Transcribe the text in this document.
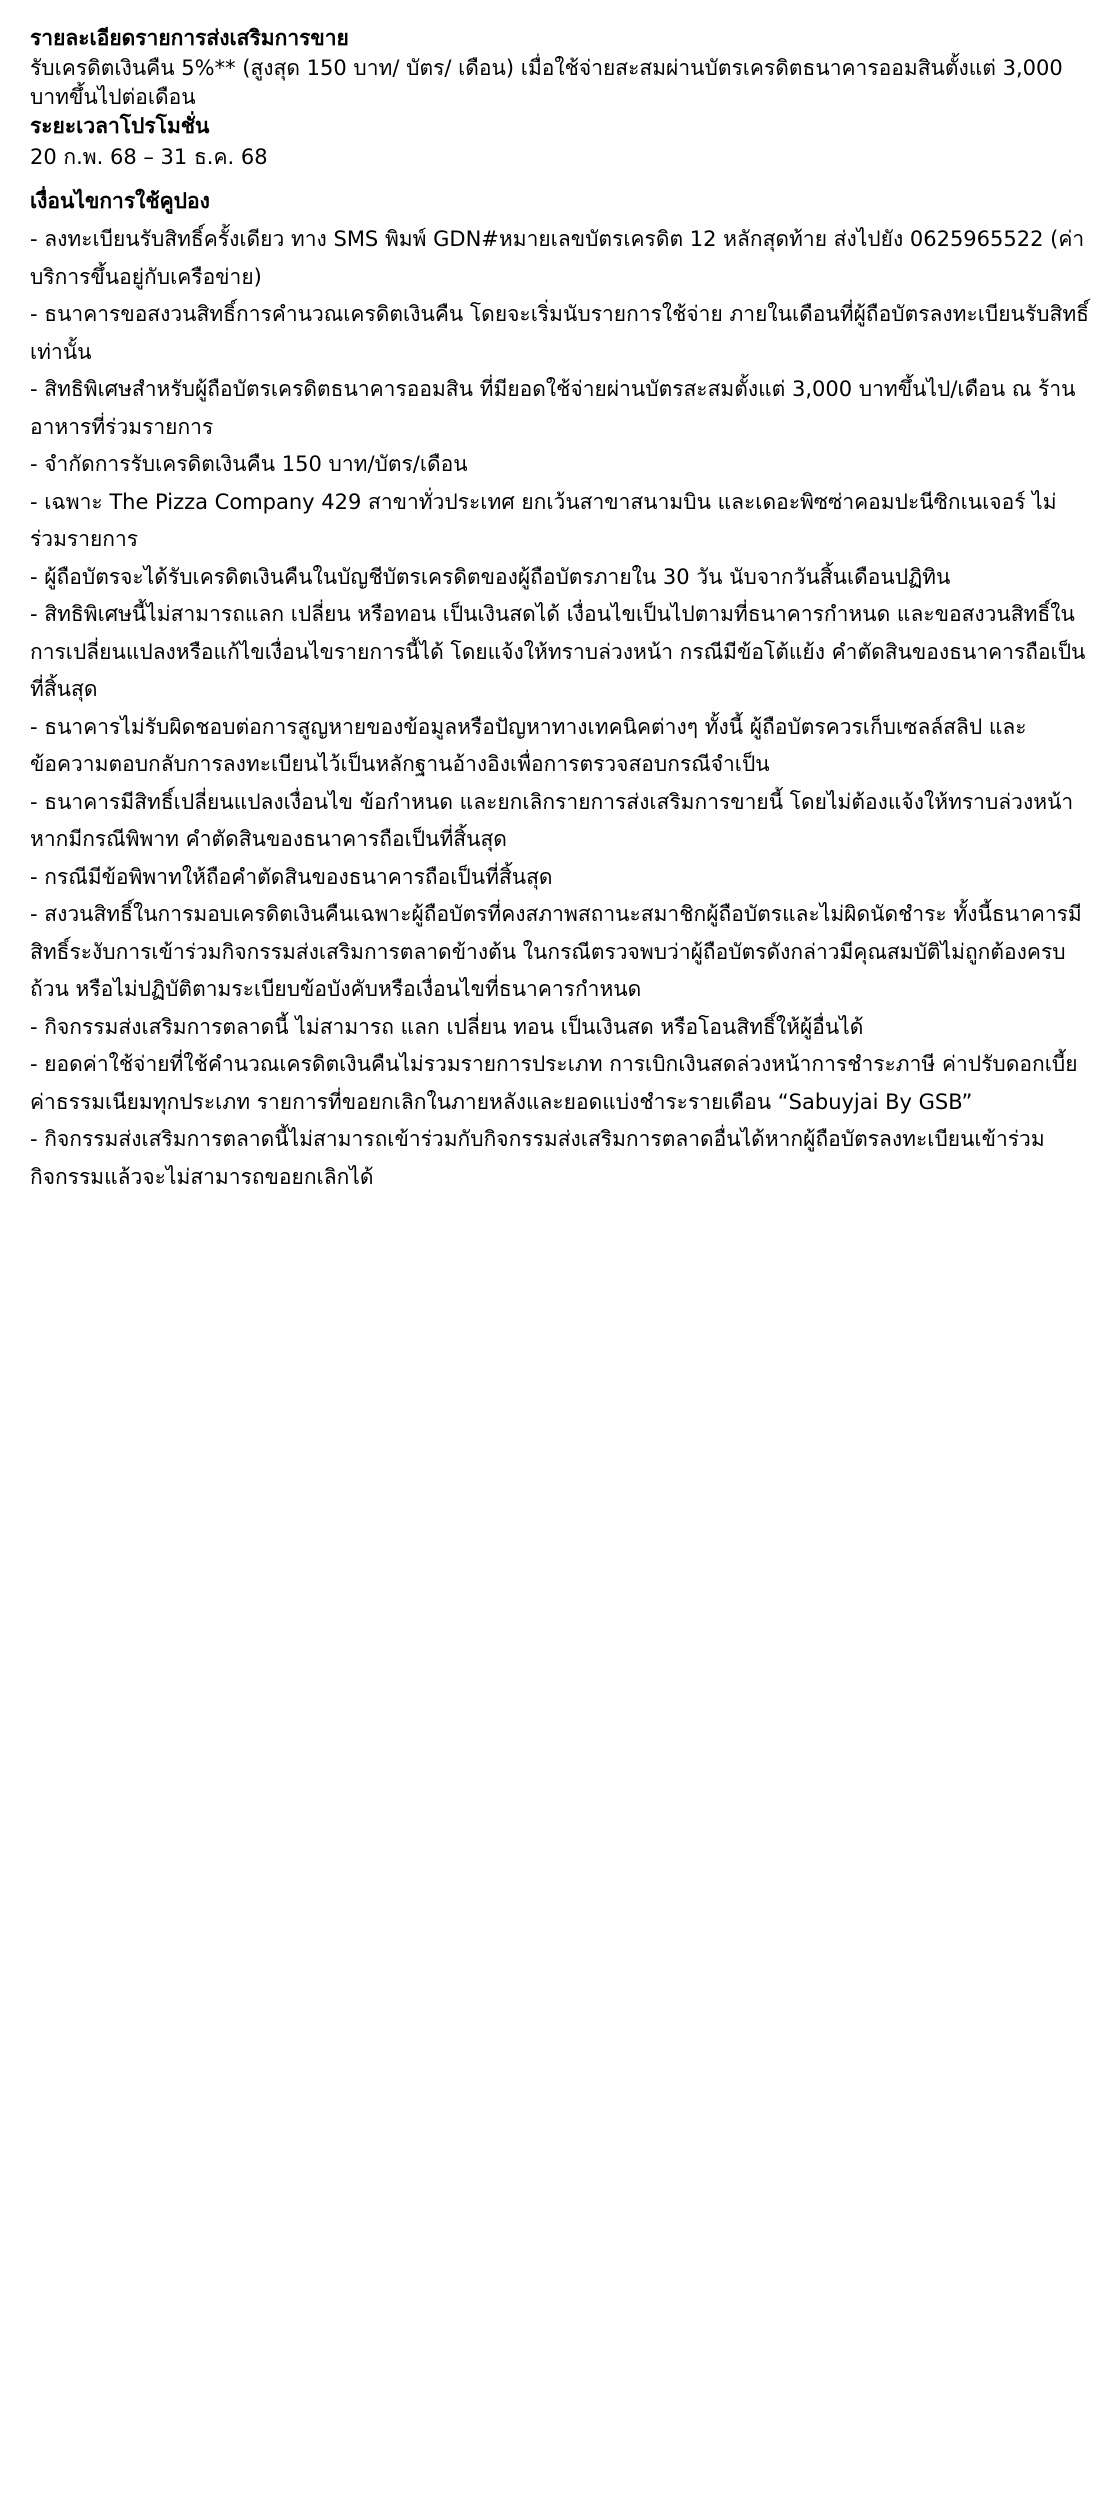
รายละเอียดรายการส่งเสริมการขาย

รับเครดิตเงินคืน 5%** (สูงสุด 150 บาท/ บัตร/ เดือน) เมื่อใช้จ่ายสะสมผ่านบัตรเครดิตธนาคารออมสินตั้งแต่ 3,000 บาทขึ้นไปต่อเดือน

ระยะเวลาโปรโมชั่น

20 ก.พ. 68 – 31 ธ.ค. 68

เงื่อนไขการใช้คูปอง
- ลงทะเบียนรับสิทธิ์ครั้งเดียว ทาง SMS พิมพ์ GDN#หมายเลขบัตรเครดิต 12 หลักสุดท้าย ส่งไปยัง 0625965522 (ค่าบริการขึ้นอยู่กับเครือข่าย)
- ธนาคารขอสงวนสิทธิ์การคำนวณเครดิตเงินคืน โดยจะเริ่มนับรายการใช้จ่าย ภายในเดือนที่ผู้ถือบัตรลงทะเบียนรับสิทธิ์เท่านั้น
- สิทธิพิเศษสำหรับผู้ถือบัตรเครดิตธนาคารออมสิน ที่มียอดใช้จ่ายผ่านบัตรสะสมตั้งแต่ 3,000 บาทขึ้นไป/เดือน ณ ร้านอาหารที่ร่วมรายการ
- จำกัดการรับเครดิตเงินคืน 150 บาท/บัตร/เดือน
- เฉพาะ The Pizza Company 429 สาขาทั่วประเทศ ยกเว้นสาขาสนามบิน และเดอะพิซซ่าคอมปะนีซิกเนเจอร์ ไม่ร่วมรายการ
- ผู้ถือบัตรจะได้รับเครดิตเงินคืนในบัญชีบัตรเครดิตของผู้ถือบัตรภายใน 30 วัน นับจากวันสิ้นเดือนปฏิทิน
- สิทธิพิเศษนี้ไม่สามารถแลก เปลี่ยน หรือทอน เป็นเงินสดได้ เงื่อนไขเป็นไปตามที่ธนาคารกำหนด และขอสงวนสิทธิ์ในการเปลี่ยนแปลงหรือแก้ไขเงื่อนไขรายการนี้ได้ โดยแจ้งให้ทราบล่วงหน้า กรณีมีข้อโต้แย้ง คำตัดสินของธนาคารถือเป็นที่สิ้นสุด
- ธนาคารไม่รับผิดชอบต่อการสูญหายของข้อมูลหรือปัญหาทางเทคนิคต่างๆ ทั้งนี้ ผู้ถือบัตรควรเก็บเซลล์สลิป และข้อความตอบกลับการลงทะเบียนไว้เป็นหลักฐานอ้างอิงเพื่อการตรวจสอบกรณีจำเป็น
- ธนาคารมีสิทธิ์เปลี่ยนแปลงเงื่อนไข ข้อกำหนด และยกเลิกรายการส่งเสริมการขายนี้ โดยไม่ต้องแจ้งให้ทราบล่วงหน้า หากมีกรณีพิพาท คำตัดสินของธนาคารถือเป็นที่สิ้นสุด
- กรณีมีข้อพิพาทให้ถือคำตัดสินของธนาคารถือเป็นที่สิ้นสุด
- สงวนสิทธิ์ในการมอบเครดิตเงินคืนเฉพาะผู้ถือบัตรที่คงสภาพสถานะสมาชิกผู้ถือบัตรและไม่ผิดนัดชำระ ทั้งนี้ธนาคารมีสิทธิ์ระงับการเข้าร่วมกิจกรรมส่งเสริมการตลาดข้างต้น ในกรณีตรวจพบว่าผู้ถือบัตรดังกล่าวมีคุณสมบัติไม่ถูกต้องครบถ้วน หรือไม่ปฏิบัติตามระเบียบข้อบังคับหรือเงื่อนไขที่ธนาคารกำหนด
- กิจกรรมส่งเสริมการตลาดนี้ ไม่สามารถ แลก เปลี่ยน ทอน เป็นเงินสด หรือโอนสิทธิ์ให้ผู้อื่นได้
- ยอดค่าใช้จ่ายที่ใช้คำนวณเครดิตเงินคืนไม่รวมรายการประเภท การเบิกเงินสดล่วงหน้าการชำระภาษี ค่าปรับดอกเบี้ย ค่าธรรมเนียมทุกประเภท รายการที่ขอยกเลิกในภายหลังและยอดแบ่งชำระรายเดือน “Sabuyjai By GSB”
- กิจกรรมส่งเสริมการตลาดนี้ไม่สามารถเข้าร่วมกับกิจกรรมส่งเสริมการตลาดอื่นได้หากผู้ถือบัตรลงทะเบียนเข้าร่วมกิจกรรมแล้วจะไม่สามารถขอยกเลิกได้
